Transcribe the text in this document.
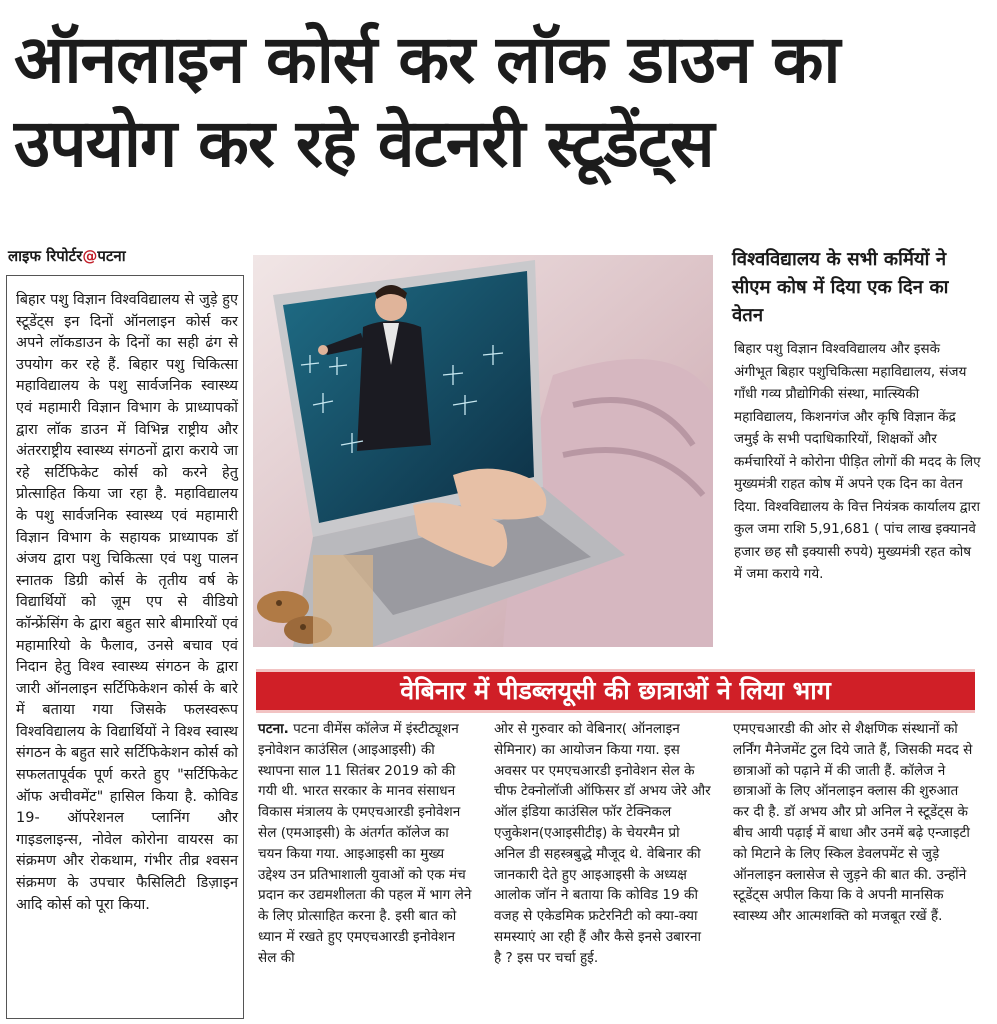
ऑनलाइन कोर्स कर लॉक डाउन का
उपयोग कर रहे वेटनरी स्टूडेंट्स
लाइफ रिपोर्टर@पटना

बिहार पशु विज्ञान विश्वविद्यालय से जुड़े हुए स्टूडेंट्स इन दिनों ऑनलाइन कोर्स कर अपने लॉकडाउन के दिनों का सही ढंग से उपयोग कर रहे हैं. बिहार पशु चिकित्सा महाविद्यालय के पशु सार्वजनिक स्वास्थ्य एवं महामारी विज्ञान विभाग के प्राध्यापकों द्वारा लॉक डाउन में विभिन्न राष्ट्रीय और अंतरराष्ट्रीय स्वास्थ्य संगठनों द्वारा कराये जा रहे सर्टिफिकेट कोर्स को करने हेतु प्रोत्साहित किया जा रहा है. महाविद्यालय के पशु सार्वजनिक स्वास्थ्य एवं महामारी विज्ञान विभाग के सहायक प्राध्यापक डॉ अंजय द्वारा पशु चिकित्सा एवं पशु पालन स्नातक डिग्री कोर्स के तृतीय वर्ष के विद्यार्थियों को ज़ूम एप से वीडियो कॉन्फ्रेंसिंग के द्वारा बहुत सारे बीमारियों एवं महामारियो के फैलाव, उनसे बचाव एवं निदान हेतु विश्व स्वास्थ्य संगठन के द्वारा जारी ऑनलाइन सर्टिफिकेशन कोर्स के बारे में बताया गया जिसके फलस्वरूप विश्वविद्यालय के विद्यार्थियों ने विश्व स्वास्थ संगठन के बहुत सारे सर्टिफिकेशन कोर्स को सफलतापूर्वक पूर्ण करते हुए "सर्टिफिकेट ऑफ अचीवमेंट" हासिल किया है. कोविड 19- ऑपरेशनल प्लानिंग और गाइडलाइन्स, नोवेल कोरोना वायरस का संक्रमण और रोकथाम, गंभीर तीव्र श्वसन संक्रमण के उपचार फैसिलिटी डिज़ाइन आदि कोर्स को पूरा किया.

विश्वविद्यालय के सभी कर्मियों ने सीएम कोष में दिया एक दिन का वेतन

बिहार पशु विज्ञान विश्वविद्यालय और इसके अंगीभूत बिहार पशुचिकित्सा महाविद्यालय, संजय गाँधी गव्य प्रौद्योगिकी संस्था, मात्स्यिकी महाविद्यालय, किशनगंज और कृषि विज्ञान केंद्र जमुई के सभी पदाधिकारियों, शिक्षकों और कर्मचारियों ने कोरोना पीड़ित लोगों की मदद के लिए मुख्यमंत्री राहत कोष में अपने एक दिन का वेतन दिया. विश्वविद्यालय के वित्त नियंत्रक कार्यालय द्वारा कुल जमा राशि 5,91,681 ( पांच लाख इक्यानवे हजार छह सौ इक्यासी रुपये) मुख्यमंत्री रहत कोष में जमा कराये गये.

वेबिनार में पीडब्लयूसी की छात्राओं ने लिया भाग

पटना. पटना वीमेंस कॉलेज में इंस्टीट्यूशन इनोवेशन काउंसिल (आइआइसी) की स्थापना साल 11 सितंबर 2019 को की गयी थी. भारत सरकार के मानव संसाधन विकास मंत्रालय के एमएचआरडी इनोवेशन सेल (एमआइसी) के अंतर्गत कॉलेज का चयन किया गया. आइआइसी का मुख्य उद्देश्य उन प्रतिभाशाली युवाओं को एक मंच प्रदान कर उद्यमशीलता की पहल में भाग लेने के लिए प्रोत्साहित करना है. इसी बात को ध्यान में रखते हुए एमएचआरडी इनोवेशन सेल की

ओर से गुरुवार को वेबिनार( ऑनलाइन सेमिनार) का आयोजन किया गया. इस अवसर पर एमएचआरडी इनोवेशन सेल के चीफ टेक्नोलॉजी ऑफिसर डॉ अभय जेरे और ऑल इंडिया काउंसिल फॉर टेक्निकल एजुकेशन(एआइसीटीइ) के चेयरमैन प्रो अनिल डी सहस्त्रबुद्धे मौजूद थे. वेबिनार की जानकारी देते हुए आइआइसी के अध्यक्ष आलोक जॉन ने बताया कि कोविड 19 की वजह से एकेडमिक फ्रटेरनिटी को क्या-क्या समस्याएं आ रही हैं और कैसे इनसे उबारना है ? इस पर चर्चा हुई.

एमएचआरडी की ओर से शैक्षणिक संस्थानों को लर्निंग मैनेजमेंट टुल दिये जाते हैं, जिसकी मदद से छात्राओं को पढ़ाने में की जाती हैं. कॉलेज ने छात्राओं के लिए ऑनलाइन क्लास की शुरुआत कर दी है. डॉ अभय और प्रो अनिल ने स्टूडेंट्स के बीच आयी पढ़ाई में बाधा और उनमें बढ़े एन्जाइटी को मिटाने के लिए स्किल डेवलपमेंट से जुड़े ऑनलाइन क्लासेज से जुड़ने की बात की. उन्होंने स्टूडेंट्स अपील किया कि वे अपनी मानसिक स्वास्थ्य और आत्मशक्ति को मजबूत रखें हैं.
